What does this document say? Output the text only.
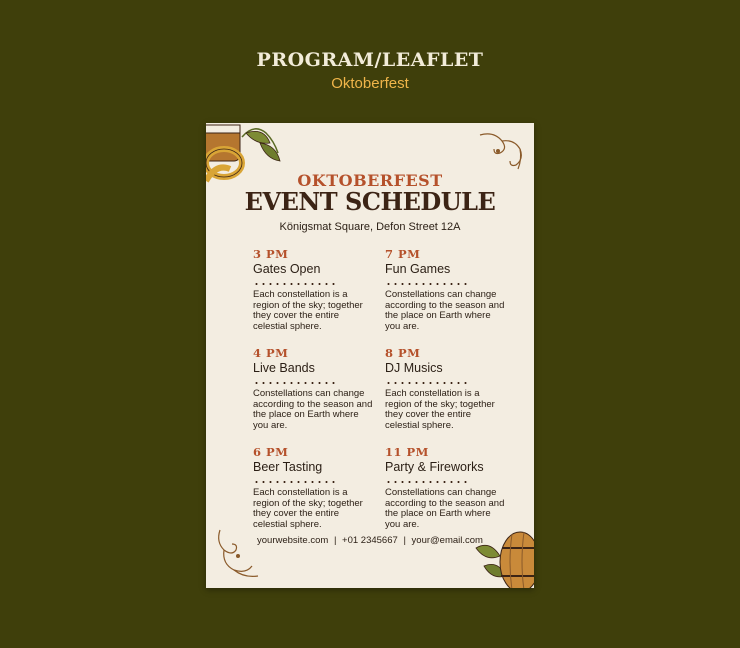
PROGRAM/LEAFLET
Oktoberfest
OKTOBERFEST
EVENT SCHEDULE
Königsmat Square, Defon Street 12A
3 PM
Gates Open
Each constellation is a region of the sky; together they cover the entire celestial sphere.
7 PM
Fun Games
Constellations can change according to the season and the place on Earth where you are.
4 PM
Live Bands
Constellations can change according to the season and the place on Earth where you are.
8 PM
DJ Musics
Each constellation is a region of the sky; together they cover the entire celestial sphere.
6 PM
Beer Tasting
Each constellation is a region of the sky; together they cover the entire celestial sphere.
11 PM
Party & Fireworks
Constellations can change according to the season and the place on Earth where you are.
yourwebsite.com | +01 2345667 | your@email.com
